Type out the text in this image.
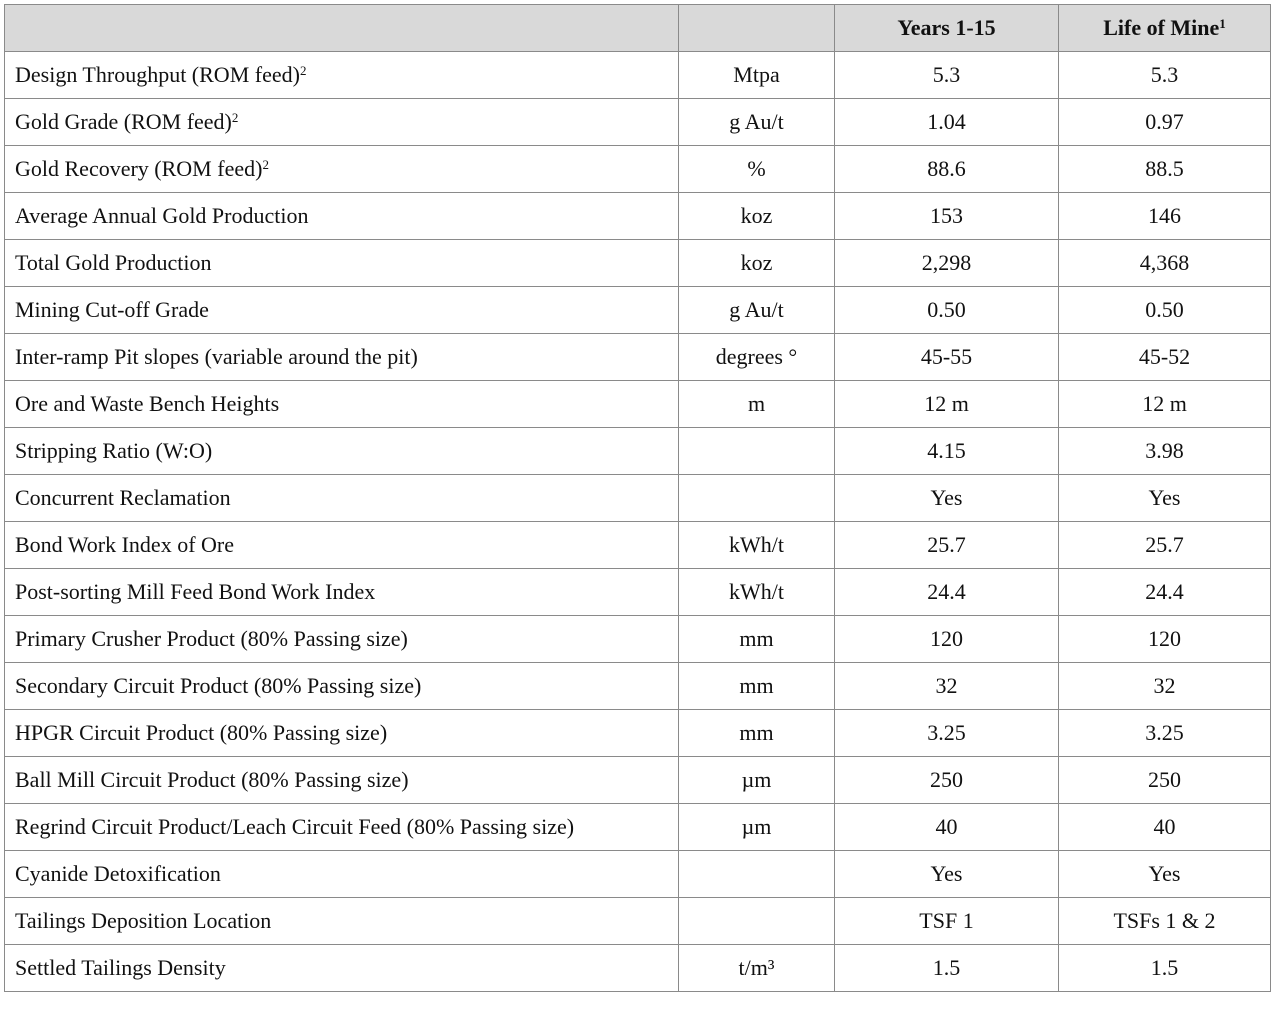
		Years 1-15	Life of Mine$^1$
Design Throughput (ROM feed)$^2$	Mtpa	5.3	5.3
Gold Grade (ROM feed)$^2$	g Au/t	1.04	0.97
Gold Recovery (ROM feed)$^2$	%	88.6	88.5
Average Annual Gold Production	koz	153	146
Total Gold Production	koz	2,298	4,368
Mining Cut-off Grade	g Au/t	0.50	0.50
Inter-ramp Pit slopes (variable around the pit)	degrees °	45-55	45-52
Ore and Waste Bench Heights	m	12 m	12 m
Stripping Ratio (W:O)		4.15	3.98
Concurrent Reclamation		Yes	Yes
Bond Work Index of Ore	kWh/t	25.7	25.7
Post-sorting Mill Feed Bond Work Index	kWh/t	24.4	24.4
Primary Crusher Product (80% Passing size)	mm	120	120
Secondary Circuit Product (80% Passing size)	mm	32	32
HPGR Circuit Product (80% Passing size)	mm	3.25	3.25
Ball Mill Circuit Product (80% Passing size)	µm	250	250
Regrind Circuit Product/Leach Circuit Feed (80% Passing size)	µm	40	40
Cyanide Detoxification		Yes	Yes
Tailings Deposition Location		TSF 1	TSFs 1 & 2
Settled Tailings Density	t/m³	1.5	1.5
